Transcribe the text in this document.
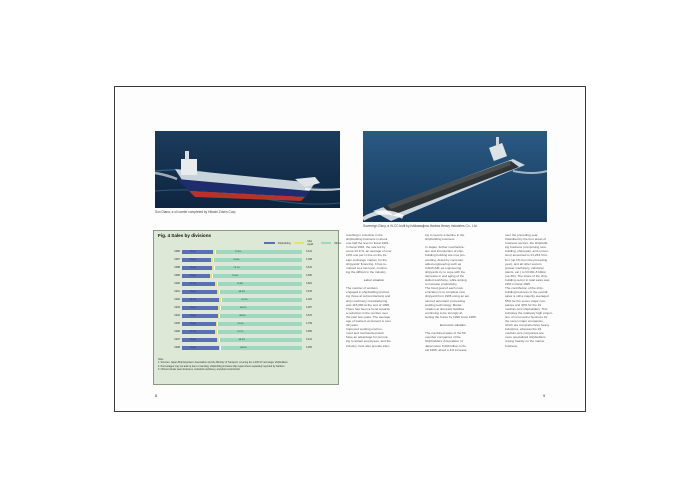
Sun Diana, a oil carrier completed by Hitachi Zosen Corp.
Sovereign Glory, a VLCC built by Ishikawajima-Harima Heavy Industries Co., Ltd.
Fig. 4 Sales by divisions
Shipbuilding	Ship repair	Others
1986	26.1%	72.5%	3,421
1987	24.4%	74.0%	3,398
1988	25.0%	73.7%	3,512
1989	23.5%	75.0%	3,690
1990	27.5%	70.9%	3,801
1991	29.1%	69.4%	3,915
1992	31.2%	67.2%	4,022
1993	30.1%	68.2%	3,967
1994	29.6%	68.8%	3,874
1995	28.0%	70.5%	3,799
1996	27.5%	70.7%	3,856
1997	29.0%	69.4%	3,911
1998	30.6%	68.0%	3,905
Note:
1. Sources: Japan Ship Exporters' Association and the Ministry of Transport, covering the 1,000 GT and larger shipbuilders.
2. Percentages may not add up due to rounding; shipbuilding includes ship repair where separately reported by builders.
3. Others include steel structures, industrial machinery, and plant construction.
resulting in a decline in the
shipbuilding business in about
one-half the level in fiscal 1991.
In fiscal 1993, the rate fell by
some 23.9 %, an average of over
10% one per in line on the for-
eign exchange market, for the
shipyards' financing. It has re-
mained at a low level, continu-
ing the difficult in the industry.
Labor situation
The number of workers
engaged in shipbuilding (includ-
ing those at subcontractors) and
ship machinery manufacturing
was 115,000 at the end of 1995.
There has been a trend towards
a reduction in the number over
the past few years. The average
age of workers at present is over
40 years.
Improved working environ-
ment and mechanized work
have an advantage for promot-
ing to attract employees, and the
industry must also provide train-
ing to secure a decline in the
shipbuilding business
In Japan, further mechaniza-
tion and introduction of ship-
building building are now pro-
ceeding. Aided by computer-
aided engineering such as
CAD/CAM, as engineering
shipyards try to cope with the
decrease in and aging of the
skilled workforce, while aiming
to increase productivity.
The fixed goal of each mod-
ernization is to complete new
shipyard from 1996 using an ad-
vanced automatic processing
welding technology. Moder-
nization at domestic facilities
continuing to be strongly af-
fecting the future by 1996 since 1995.
Economic situation
The combined sales of the 50
member companies of the
Shipbuilders' Association of
Japan were 8,499 billion in fis-
cal 1995, about a 1% increase
over the preceding year.
Classified by the four areas of
business sectors, the shipbuild-
ing business (comprising new-
building, shiprepair, and conver-
sion) amounted to ¥1,264.3 bil-
lion (up 1% from the preceding
year), and all other sectors
(power machinery, industrial
plants, etc.) to ¥3,091.8 billion
(up 3%). The share of the ship-
building sector in total sales was
29% in fiscal 1995.
The contribution of the ship-
building business to the overall
sales is still a majority averaged
55% for the seven major com-
panies and 30% for the 19
medium-size shipbuilders. This
indicates the relatively high propor-
tion of non-marine business for
the seven major companies,
which are comprehensive heavy
industries, whereas the 19
medium-size companies are
more specialized shipbuilders
relying heavily on the marine
business.
8	9
